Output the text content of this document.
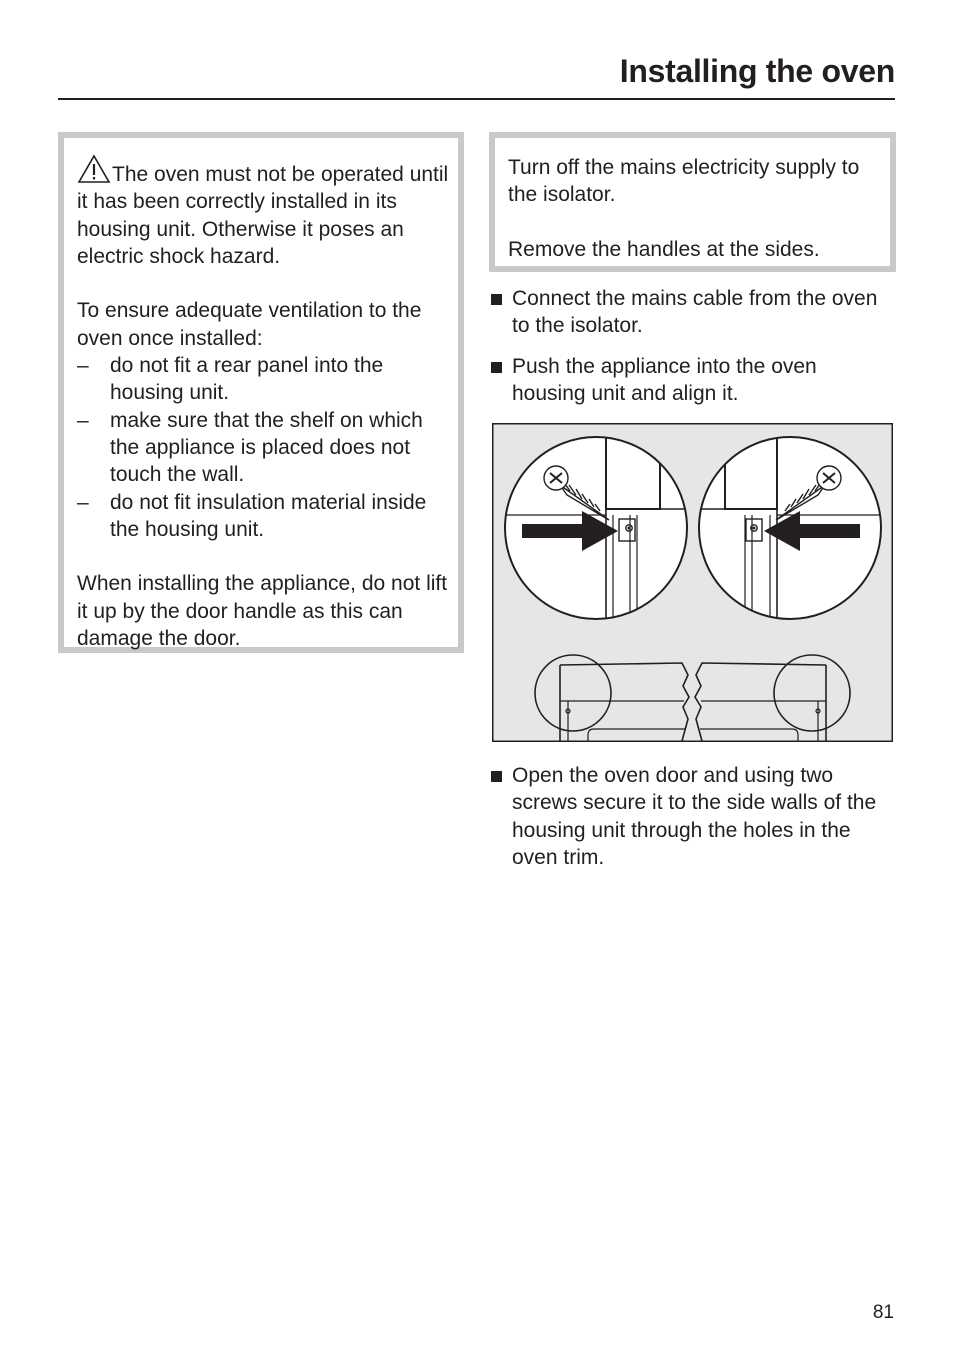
Installing the oven

The oven must not be operated until it has been correctly installed in its housing unit. Otherwise it poses an electric shock hazard.

To ensure adequate ventilation to the oven once installed:

– do not fit a rear panel into the housing unit.
– make sure that the shelf on which the appliance is placed does not touch the wall.
– do not fit insulation material inside the housing unit.

When installing the appliance, do not lift it up by the door handle as this can damage the door.

Turn off the mains electricity supply to the isolator.

Remove the handles at the sides.

Connect the mains cable from the oven to the isolator.

Push the appliance into the oven housing unit and align it.

Open the oven door and using two screws secure it to the side walls of the housing unit through the holes in the oven trim.

81
